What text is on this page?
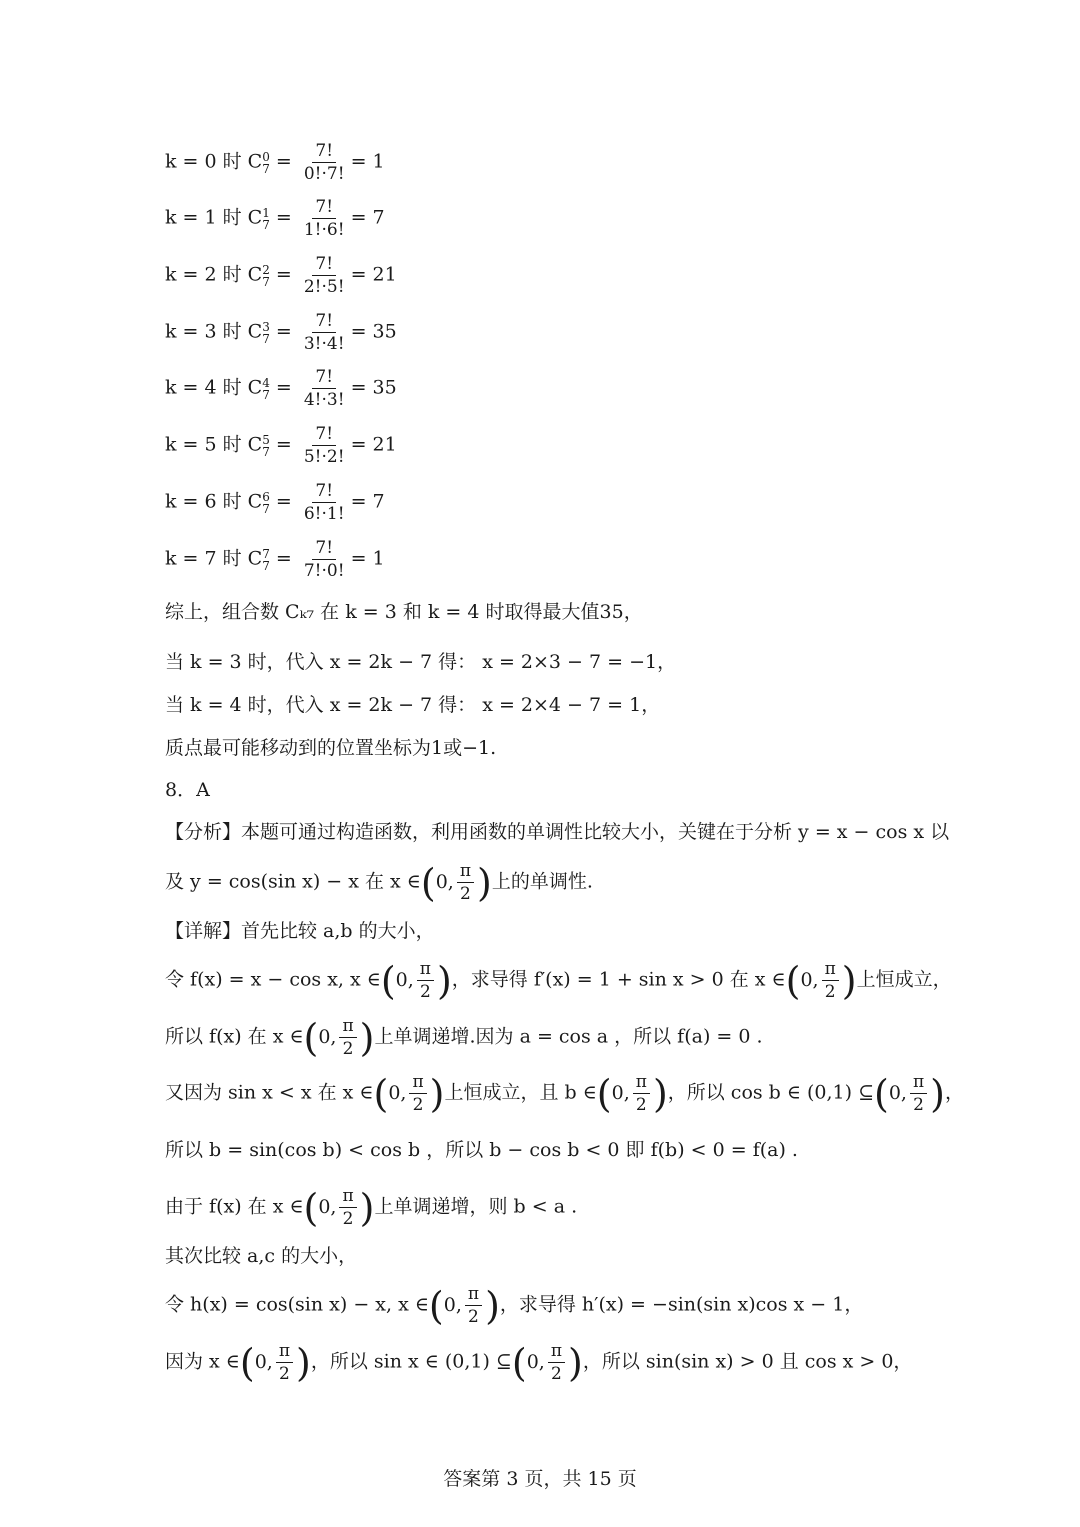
k = 0 时 C 0
$7 = \frac{7!}{0!\cdot 7!} = 1$
k = 1 时 C 1
$7 = \frac{7!}{1!\cdot 6!} = 7$
k = 2 时 C 2
$7 = \frac{7!}{2!\cdot 5!} = 21$
k = 3 时 C 3
$7 = \frac{7!}{3!\cdot 4!} = 35$
k = 4 时 C 4
$7 = \frac{7!}{4!\cdot 3!} = 35$
k = 5 时 C 5
$7 = \frac{7!}{5!\cdot 2!} = 21$
k = 6 时 C 6
$7 = \frac{7!}{6!\cdot 1!} = 7$
k = 7 时 C 7
$7 = \frac{7!}{7!\cdot 0!} = 1$
综上，组合数 Cₖ₇ 在 k = 3 和 k = 4 时取得最大值35，
当 k = 3 时，代入 x = 2k − 7 得： x = 2×3 − 7 = −1，
当 k = 4 时，代入 x = 2k − 7 得： x = 2×4 − 7 = 1，
质点最可能移动到的位置坐标为1或−1.
8．A
【分析】本题可通过构造函数，利用函数的单调性比较大小，关键在于分析 y = x − cos x 以
及 y = cos(sin x) − x 在 x ∈(0, $\frac{\pi}{2}$ )上的单调性.
【详解】首先比较 a,b 的大小，
令 f(x) = x − cos x, x ∈(0, $\frac{\pi}{2}$ )，求导得 f′(x) = 1 + sin x > 0 在 x ∈(0, $\frac{\pi}{2}$ )上恒成立，
所以 f(x) 在 x ∈(0, $\frac{\pi}{2}$ )上单调递增.因为 a = cos a ，所以 f(a) = 0 .
又因为 sin x < x 在 x ∈(0, $\frac{\pi}{2}$ )上恒成立，且 b ∈(0, $\frac{\pi}{2}$ )，所以 cos b ∈ (0,1) ⊆(0, $\frac{\pi}{2}$ )，
所以 b = sin(cos b) < cos b ，所以 b − cos b < 0 即 f(b) < 0 = f(a) .
由于 f(x) 在 x ∈(0, $\frac{\pi}{2}$ )上单调递增，则 b < a .
其次比较 a,c 的大小，
令 h(x) = cos(sin x) − x, x ∈(0, $\frac{\pi}{2}$ )，求导得 h′(x) = −sin(sin x)cos x − 1，
因为 x ∈(0, $\frac{\pi}{2}$ )，所以 sin x ∈ (0,1) ⊆(0, $\frac{\pi}{2}$ )，所以 sin(sin x) > 0 且 cos x > 0，
答案第 3 页，共 15 页
